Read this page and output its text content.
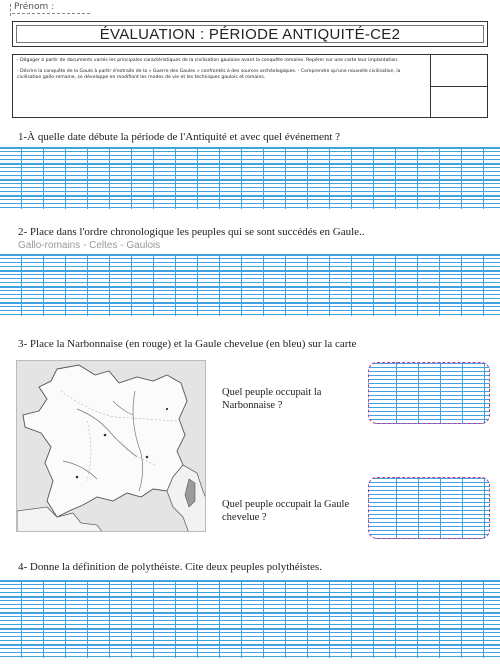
Prénom :
ÉVALUATION : PÉRIODE ANTIQUITÉ-CE2

- Dégager à partir de documents variés les principales caractéristiques de la civilisation gauloise avant la conquête romaine. Repérer sur une carte leur implantation.

- Décrire la conquête de la Gaule à partir d'extraits de la « Guerre des Gaules » confrontés à des sources archéologiques. - Comprendre qu'une nouvelle civilisation, la civilisation gallo-romaine, se développe en modifiant les modes de vie et les techniques gaulois et romains.

1-À quelle date débute la période de l'Antiquité et avec quel événement ?
2- Place dans l'ordre chronologique les peuples qui se sont succédés en Gaule..
Gallo-romains - Celtes - Gaulois
3- Place la Narbonnaise (en rouge) et la Gaule chevelue (en bleu) sur la carte
Quel peuple occupait la Narbonnaise ?
Quel peuple occupait la Gaule chevelue ?
4- Donne la définition de polythéiste. Cite deux peuples polythéistes.
